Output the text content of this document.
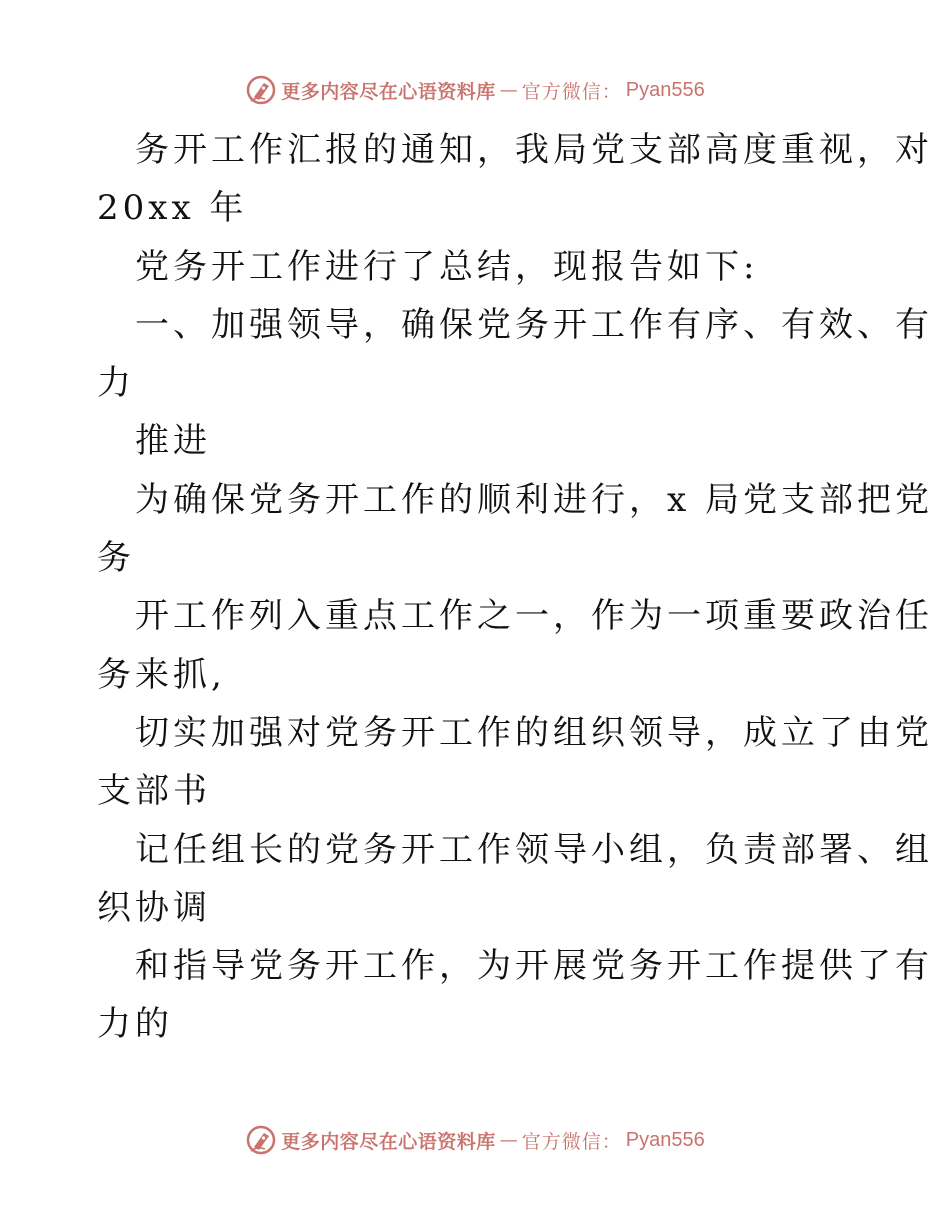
更多内容尽在心语资料库 — 官方微信： Pyan556
务开工作汇报的通知，我局党支部高度重视，对
20xx 年
党务开工作进行了总结，现报告如下:
一、加强领导，确保党务开工作有序、有效、有
力
推进
为确保党务开工作的顺利进行，x 局党支部把党
务
开工作列入重点工作之一，作为一项重要政治任
务来抓,
切实加强对党务开工作的组织领导，成立了由党
支部书
记任组长的党务开工作领导小组，负责部署、组
织协调
和指导党务开工作，为开展党务开工作提供了有
力的
更多内容尽在心语资料库 — 官方微信： Pyan556
